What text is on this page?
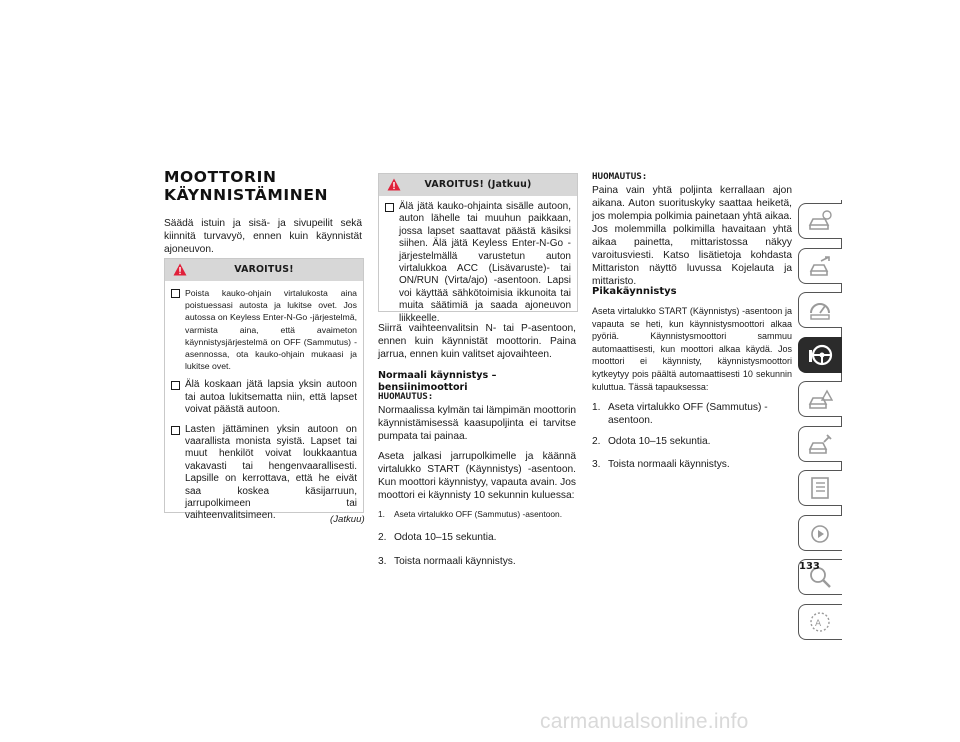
MOOTTORIN
KÄYNNISTÄMINEN

Säädä istuin ja sisä- ja sivupeilit sekä kiinnitä turvavyö, ennen kuin käynnistät ajoneuvon.

VAROITUS!
Poista kauko-ohjain virtalukosta aina poistuessasi autosta ja lukitse ovet. Jos autossa on Keyless Enter-N-Go -järjestelmä, varmista aina, että avaimeton käynnistysjärjestelmä on OFF (Sammutus) -asennossa, ota kauko-ohjain mukaasi ja lukitse ovet.
Älä koskaan jätä lapsia yksin autoon tai autoa lukitsematta niin, että lapset voivat päästä autoon.
Lasten jättäminen yksin autoon on vaarallista monista syistä. Lapset tai muut henkilöt voivat loukkaantua vakavasti tai hengenvaarallisesti. Lapsille on kerrottava, että he eivät saa koskea käsijarruun, jarrupolkimeen tai vaihteenvalitsimeen.	(Jatkuu)
VAROITUS! (Jatkuu)
Älä jätä kauko-ohjainta sisälle autoon, auton lähelle tai muuhun paikkaan, jossa lapset saattavat päästä käsiksi siihen. Älä jätä Keyless Enter-N-Go -järjestelmällä varustetun auton virtalukkoa ACC (Lisävaruste)- tai ON/RUN (Virta/ajo) -asentoon. Lapsi voi käyttää sähkötoimisia ikkunoita tai muita säätimiä ja saada ajoneuvon liikkeelle.

Siirrä vaihteenvalitsin N- tai P-asentoon, ennen kuin käynnistät moottorin. Paina jarrua, ennen kuin valitset ajovaihteen.

Normaali käynnistys – bensiinimoottori

HUOMAUTUS:

Normaalissa kylmän tai lämpimän moottorin käynnistämisessä kaasupoljinta ei tarvitse pumpata tai painaa.

Aseta jalkasi jarrupolkimelle ja käännä virtalukko START (Käynnistys) -asentoon. Kun moottori käynnistyy, vapauta avain. Jos moottori ei käynnisty 10 sekunnin kuluessa:

1. Aseta virtalukko OFF (Sammutus) -asentoon.
2. Odota 10–15 sekuntia.
3. Toista normaali käynnistys.

HUOMAUTUS:

Paina vain yhtä poljinta kerrallaan ajon aikana. Auton suorituskyky saattaa heiketä, jos molempia polkimia painetaan yhtä aikaa. Jos molemmilla polkimilla havaitaan yhtä aikaa painetta, mittaristossa näkyy varoitusviesti. Katso lisätietoja kohdasta Mittariston näyttö luvussa Kojelauta ja mittaristo.

Pikakäynnistys

Aseta virtalukko START (Käynnistys) -asentoon ja vapauta se heti, kun käynnistysmoottori alkaa pyöriä. Käynnistysmoottori sammuu automaattisesti, kun moottori alkaa käydä. Jos moottori ei käynnisty, käynnistysmoottori kytkeytyy pois päältä automaattisesti 10 sekunnin kuluttua. Tässä tapauksessa:

1. Aseta virtalukko OFF (Sammutus) -asentoon.
2. Odota 10–15 sekuntia.
3. Toista normaali käynnistys.
A
133
carmanualsonline.info
